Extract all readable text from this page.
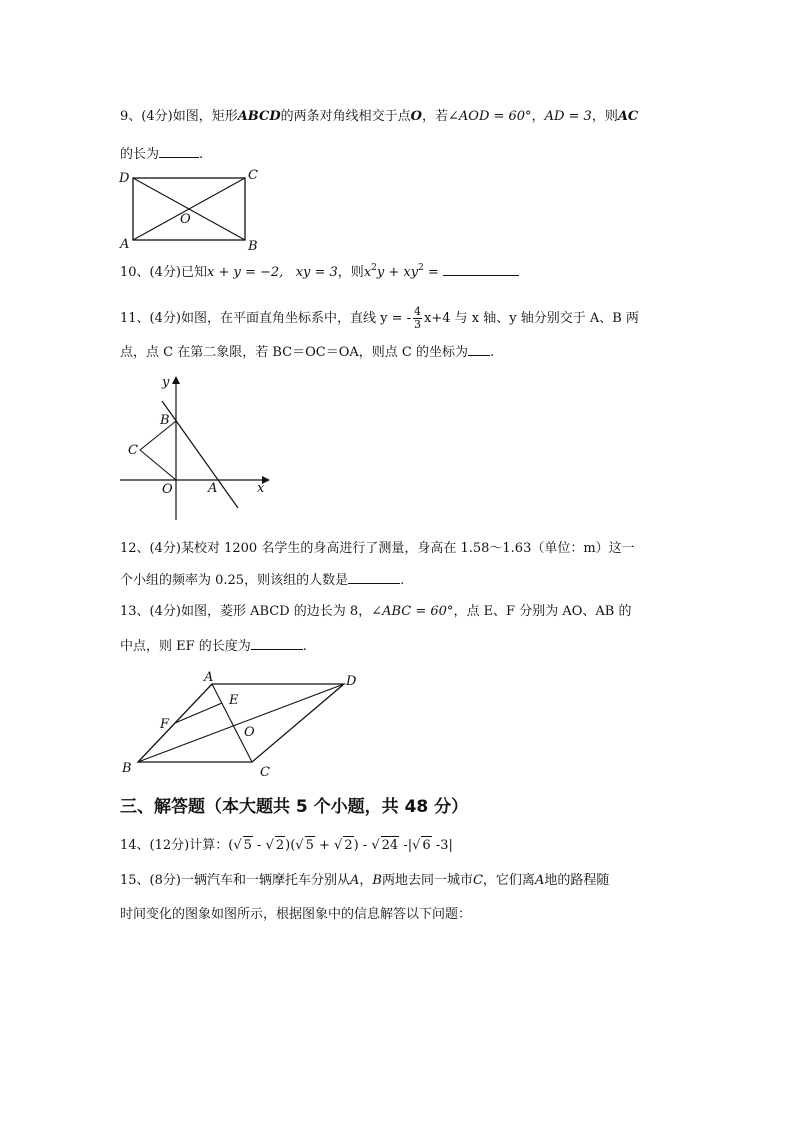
9、(4分)如图，矩形ABCD的两条对角线相交于点O，若∠AOD = 60°，AD = 3，则AC
的长为	.
D	C
A	B
O
10、(4分)已知x + y = −2, xy = 3，则$x^2y + xy^2$ =
11、(4分)如图，在平面直角坐标系中，直线 y = - $\frac{4}{3} x+4$ 与 x 轴、y 轴分别交于 A、B 两
点，点 C 在第二象限，若 BC＝OC＝OA，则点 C 的坐标为 .
y
x
B
C
O	A
12、(4分)某校对 1200 名学生的身高进行了测量，身高在 1.58～1.63（单位：m）这一
个小组的频率为 0.25，则该组的人数是	.
13、(4分)如图，菱形 ABCD 的边长为 8，∠ABC = 60°，点 E、F 分别为 AO、AB 的
中点，则 EF 的长度为	.
A	D
E
F
O
B	C
三、解答题（本大题共 5 个小题，共 48 分）
14、(12分)计算：(√ 5 - √ 2)(√ 5 + √ 2) - √ 24 -|√ 6 -3|
15、(8分)一辆汽车和一辆摩托车分别从A，B两地去同一城市C，它们离A地的路程随
时间变化的图象如图所示，根据图象中的信息解答以下问题：
